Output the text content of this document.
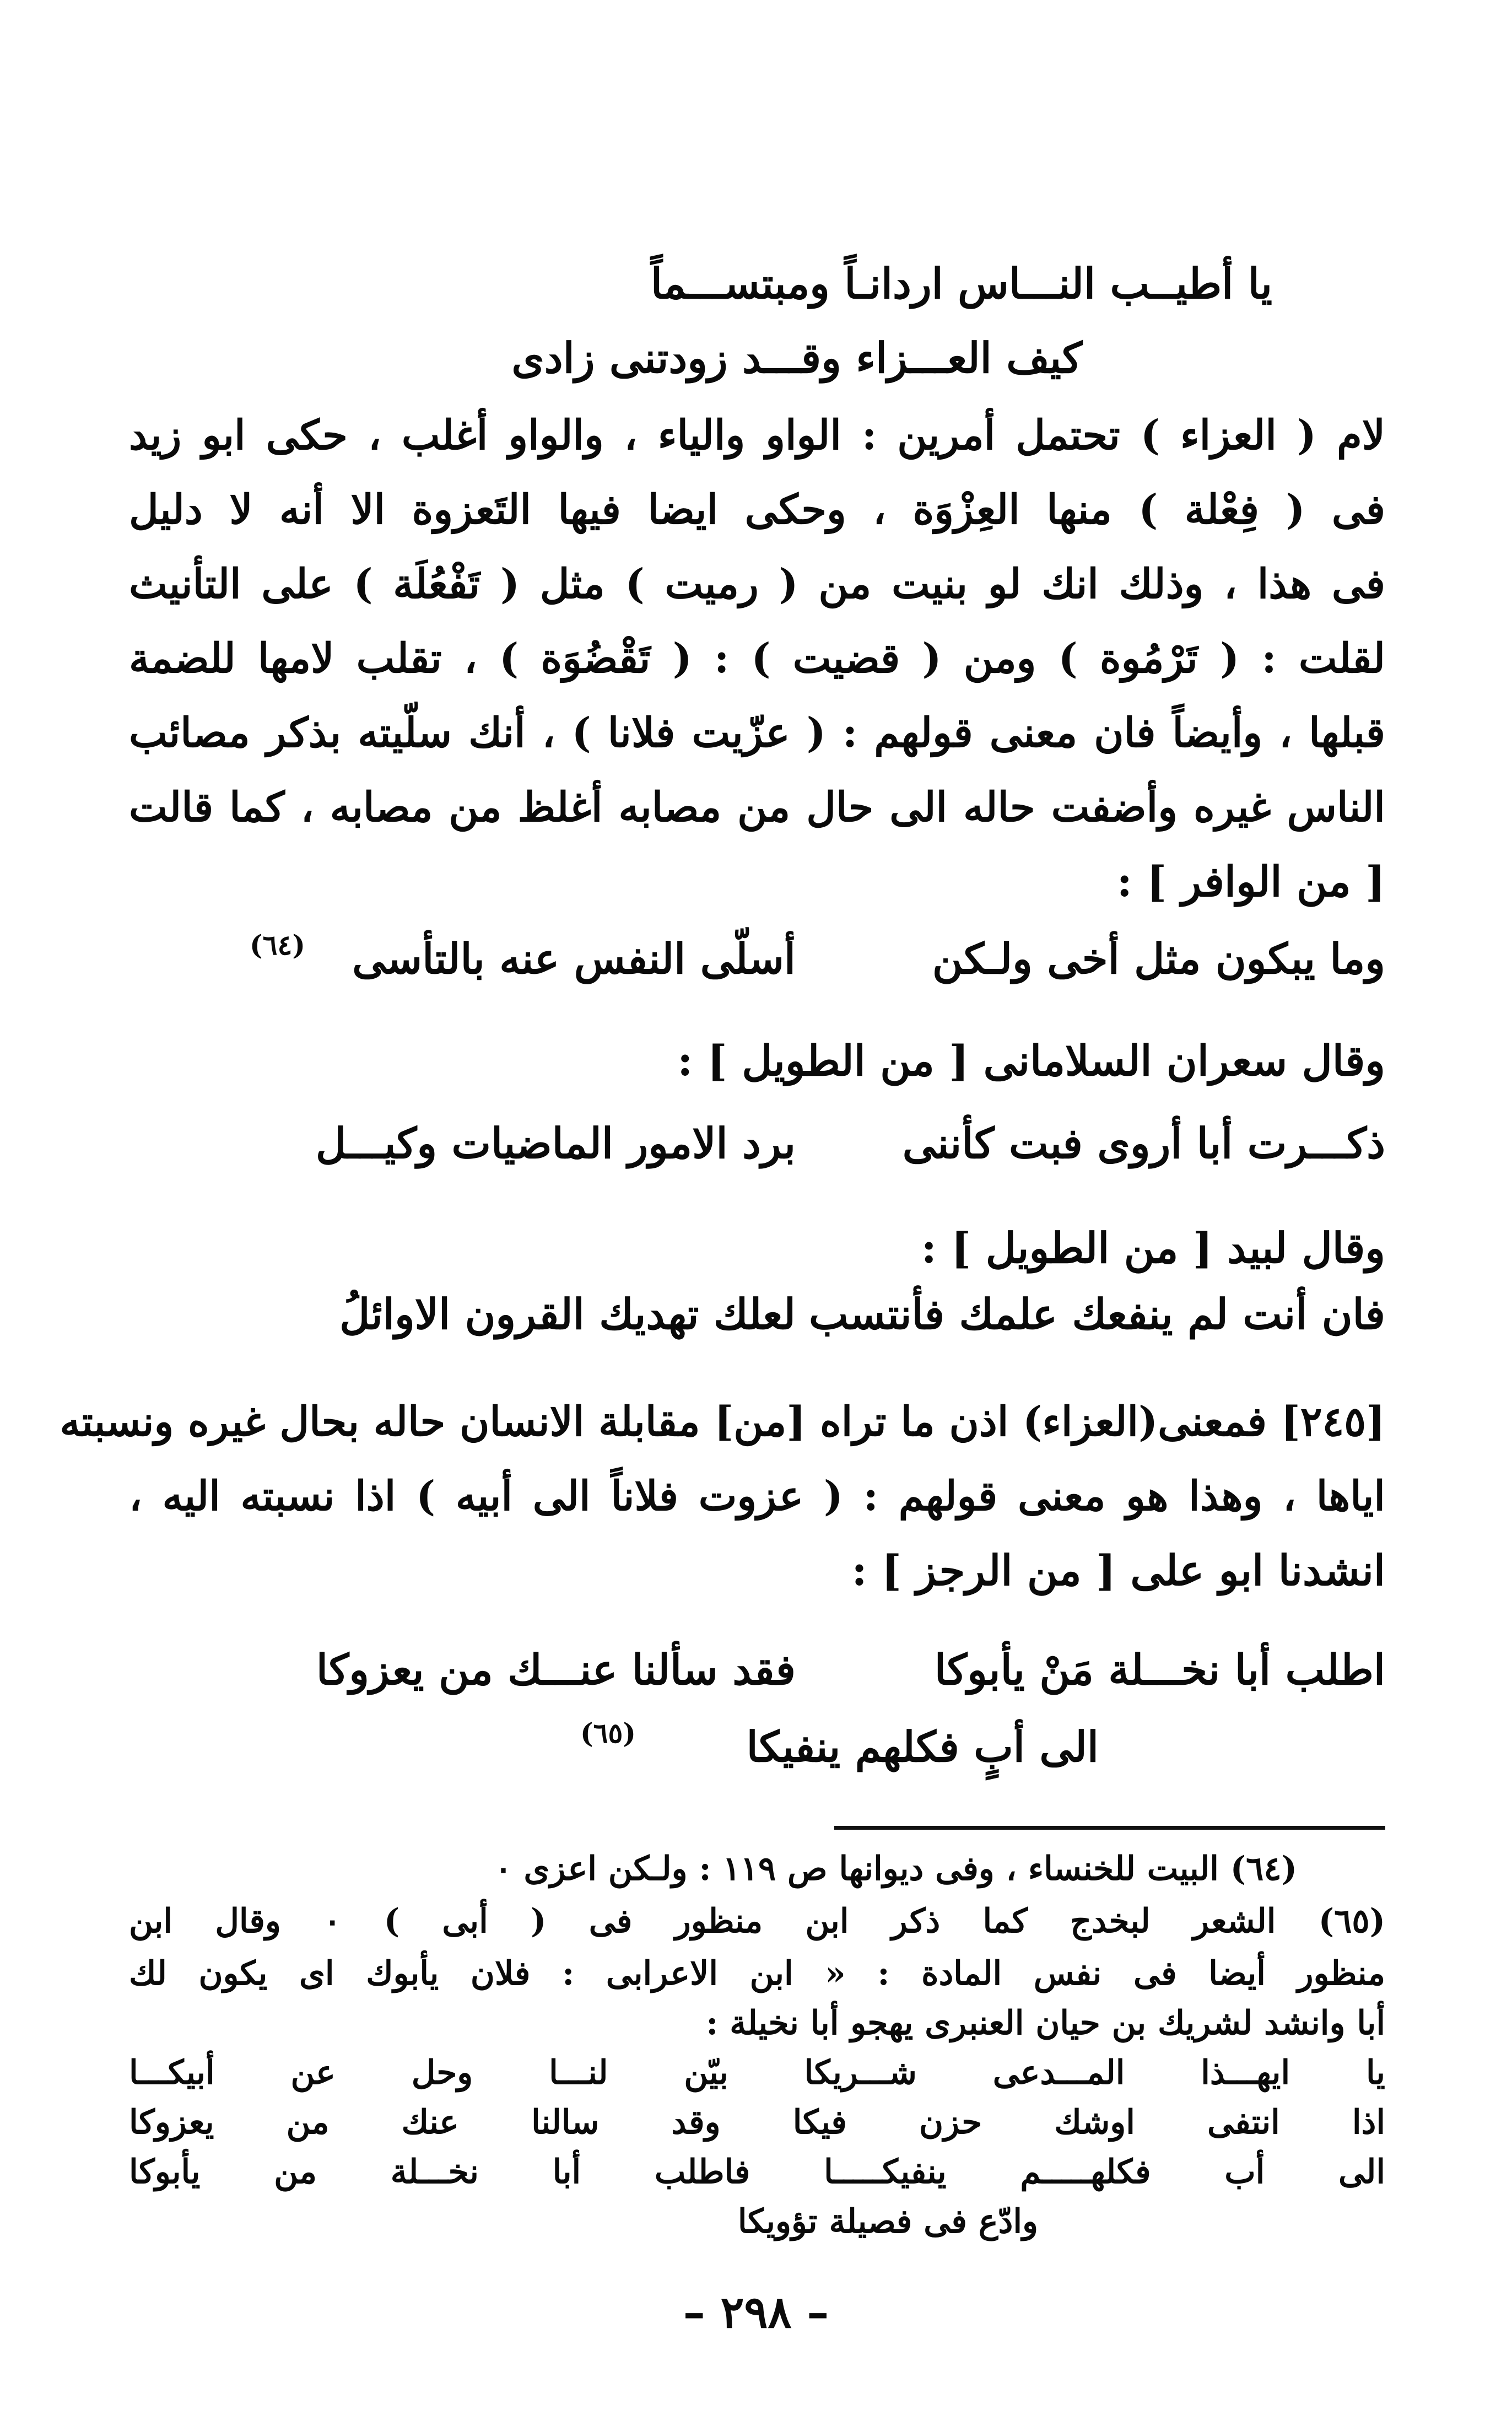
يا أطيــب النـــاس اردانـاً ومبتســـماً
كيف العـــزاء وقـــد زودتنى زادى
لام ( العزاء ) تحتمل أمرين : الواو والياء ، والواو أغلب ، حكى ابو زيد
فى ( فِعْلة ) منها العِزْوَة ، وحكى ايضا فيها التَعزوة الا أنه لا دليل
فى هذا ، وذلك انك لو بنيت من ( رميت ) مثل ( تَفْعُلَة ) على التأنيث
لقلت : ( تَرْمُوة ) ومن ( قضيت ) : ( تَقْضُوَة ) ، تقلب لامها للضمة
قبلها ، وأيضاً فان معنى قولهم : ( عزّيت فلانا ) ، أنك سلّيته بذكر مصائب
الناس غيره وأضفت حاله الى حال من مصابه أغلظ من مصابه ، كما قالت
[ من الوافر ] :
وما يبكون مثل أخى ولـكن
أسلّى النفس عنه بالتأسى
(٦٤)
وقال سعران السلامانى [ من الطويل ] :
ذكـــرت أبا أروى فبت كأننى
برد الامور الماضيات وكيـــل
وقال لبيد [ من الطويل ] :
فان أنت لم ينفعك علمك فأنتسب
لعلك تهديك القرون الاوائلُ
[٢٤٥] فمعنى(العزاء) اذن ما تراه [من] مقابلة الانسان حاله بحال غيره ونسبته
اياها ، وهذا هو معنى قولهم : ( عزوت فلاناً الى أبيه ) اذا نسبته اليه ،
انشدنا ابو على [ من الرجز ] :
اطلب أبا نخـــلة مَنْ يأبوكا
فقد سألنا عنـــك من يعزوكا
الى أبٍ فكلهم ينفيكا
(٦٥)
(٦٤) البيت للخنساء ، وفى ديوانها ص ١١٩ : ولـكن اعزى ٠
(٦٥) الشعر لبخدج كما ذكر ابن منظور فى ( أبى ) ٠ وقال ابن
منظور أيضا فى نفس المادة : « ابن الاعرابى : فلان يأبوك اى يكون لك
أبا وانشد لشريك بن حيان العنبرى يهجو أبا نخيلة :
يا ايهـــذا المـــدعى شـــريكا بيّن لنـــا وحل عن أبيكـــا
اذا انتفى اوشك حزن فيكا وقد سالنا عنك من يعزوكا
الى أب فكلهـــــم ينفيكـــــا فاطلب أبا نخـــلة من يأبوكا
وادّع فى فصيلة تؤويكا
– ٢٩٨ –
